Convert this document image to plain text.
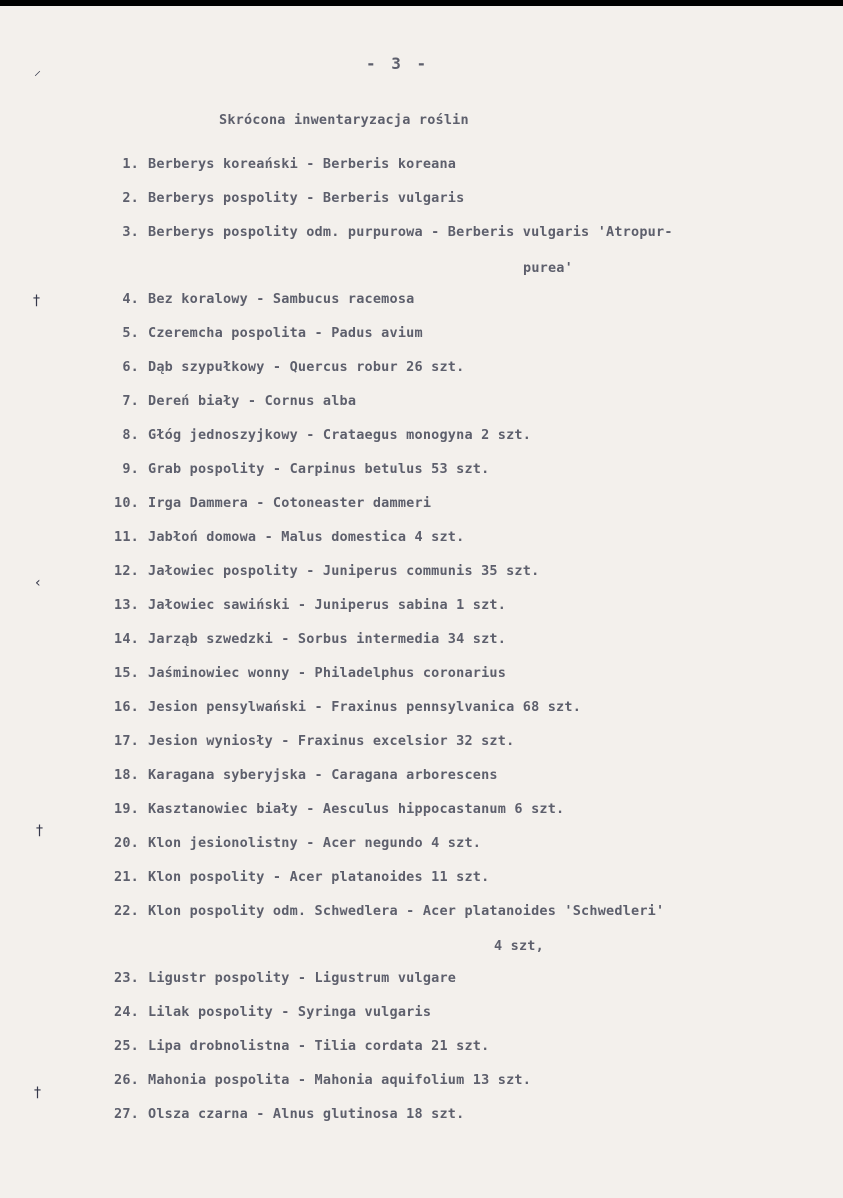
- 3 -
Skrócona inwentaryzacja roślin
1. Berberys koreański - Berberis koreana
2. Berberys pospolity - Berberis vulgaris
3. Berberys pospolity odm. purpurowa - Berberis vulgaris 'Atropur-
purea'
4. Bez koralowy - Sambucus racemosa
5. Czeremcha pospolita - Padus avium
6. Dąb szypułkowy - Quercus robur 26 szt.
7. Dereń biały - Cornus alba
8. Głóg jednoszyjkowy - Crataegus monogyna 2 szt.
9. Grab pospolity - Carpinus betulus 53 szt.
10. Irga Dammera - Cotoneaster dammeri
11. Jabłoń domowa - Malus domestica 4 szt.
12. Jałowiec pospolity - Juniperus communis 35 szt.
13. Jałowiec sawiński - Juniperus sabina 1 szt.
14. Jarząb szwedzki - Sorbus intermedia 34 szt.
15. Jaśminowiec wonny - Philadelphus coronarius
16. Jesion pensylwański - Fraxinus pennsylvanica 68 szt.
17. Jesion wyniosły - Fraxinus excelsior 32 szt.
18. Karagana syberyjska - Caragana arborescens
19. Kasztanowiec biały - Aesculus hippocastanum 6 szt.
20. Klon jesionolistny - Acer negundo 4 szt.
21. Klon pospolity - Acer platanoides 11 szt.
22. Klon pospolity odm. Schwedlera - Acer platanoides 'Schwedleri'
4 szt,
23. Ligustr pospolity - Ligustrum vulgare
24. Lilak pospolity - Syringa vulgaris
25. Lipa drobnolistna - Tilia cordata 21 szt.
26. Mahonia pospolita - Mahonia aquifolium 13 szt.
27. Olsza czarna - Alnus glutinosa 18 szt.
⸝
†
‹
†
†
